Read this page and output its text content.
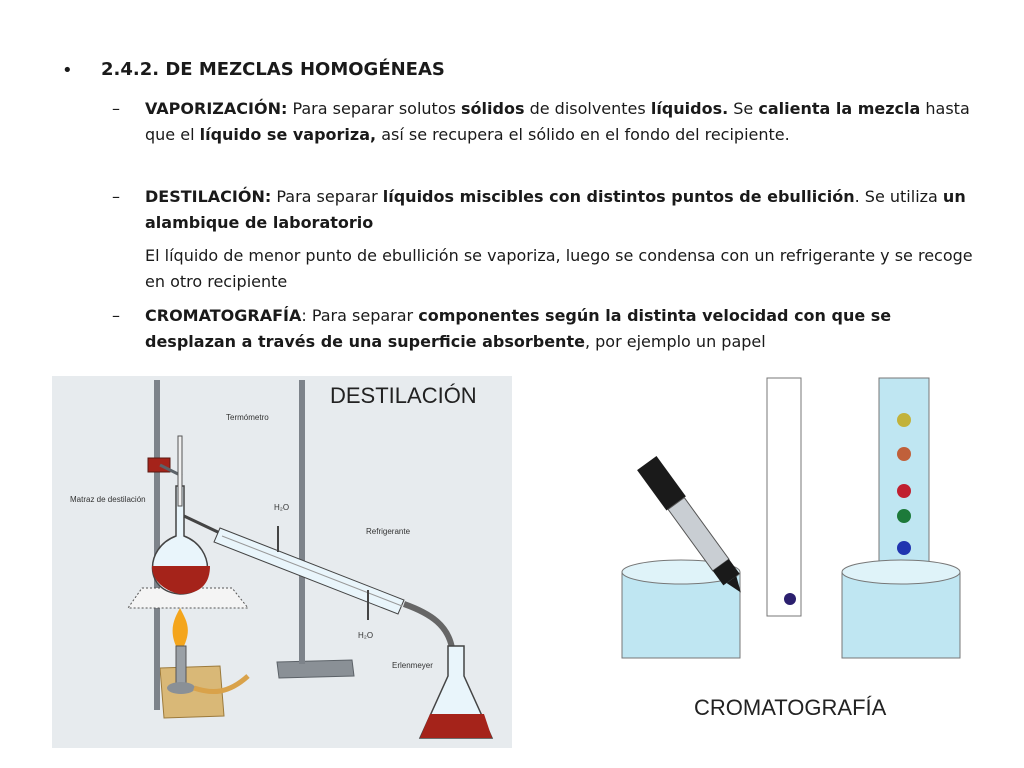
• 2.4.2. DE MEZCLAS HOMOGÉNEAS
– VAPORIZACIÓN: Para separar solutos sólidos de disolventes líquidos. Se calienta la mezcla hasta que el líquido se vaporiza, así se recupera el sólido en el fondo del recipiente.
– DESTILACIÓN: Para separar líquidos miscibles con distintos puntos de ebullición. Se utiliza un alambique de laboratorio
El líquido de menor punto de ebullición se vaporiza, luego se condensa con un refrigerante y se recoge en otro recipiente
– CROMATOGRAFÍA: Para separar componentes según la distinta velocidad con que se desplazan a través de una superficie absorbente, por ejemplo un papel
Termómetro
Matraz de destilación
H₂O
Refrigerante
H₂O
Erlenmeyer
DESTILACIÓN
CROMATOGRAFÍA
